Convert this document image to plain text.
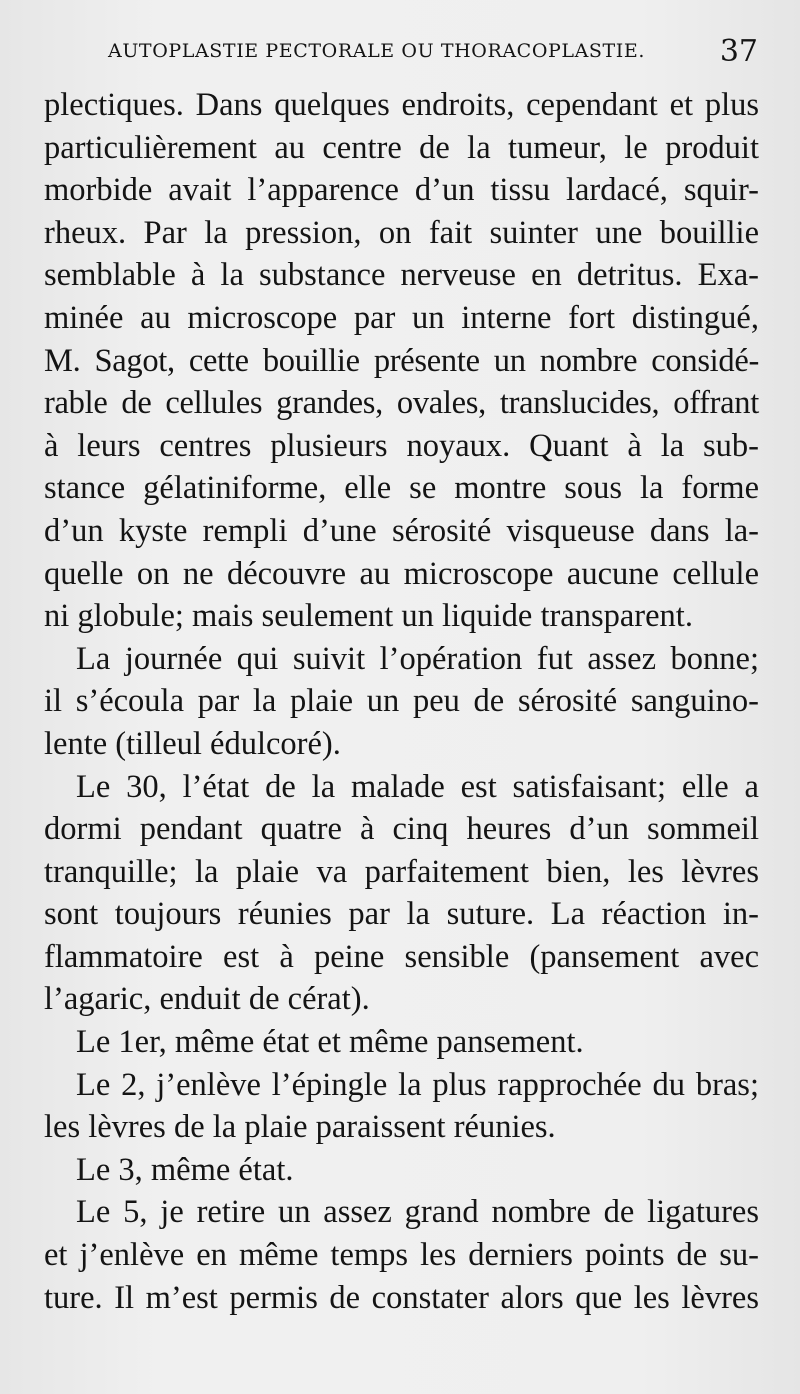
AUTOPLASTIE PECTORALE OU THORACOPLASTIE. 37
plectiques. Dans quelques endroits, cependant et plus
particulièrement au centre de la tumeur, le produit
morbide avait l’apparence d’un tissu lardacé, squir-
rheux. Par la pression, on fait suinter une bouillie
semblable à la substance nerveuse en detritus. Exa-
minée au microscope par un interne fort distingué,
M. Sagot, cette bouillie présente un nombre considé-
rable de cellules grandes, ovales, translucides, offrant
à leurs centres plusieurs noyaux. Quant à la sub-
stance gélatiniforme, elle se montre sous la forme
d’un kyste rempli d’une sérosité visqueuse dans la-
quelle on ne découvre au microscope aucune cellule
ni globule; mais seulement un liquide transparent.
La journée qui suivit l’opération fut assez bonne;
il s’écoula par la plaie un peu de sérosité sanguino-
lente (tilleul édulcoré).
Le 30, l’état de la malade est satisfaisant; elle a
dormi pendant quatre à cinq heures d’un sommeil
tranquille; la plaie va parfaitement bien, les lèvres
sont toujours réunies par la suture. La réaction in-
flammatoire est à peine sensible (pansement avec
l’agaric, enduit de cérat).
Le 1er, même état et même pansement.
Le 2, j’enlève l’épingle la plus rapprochée du bras;
les lèvres de la plaie paraissent réunies.
Le 3, même état.
Le 5, je retire un assez grand nombre de ligatures
et j’enlève en même temps les derniers points de su-
ture. Il m’est permis de constater alors que les lèvres
